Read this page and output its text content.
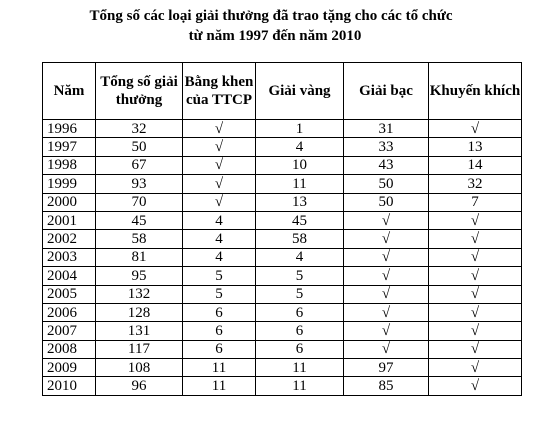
Tổng số các loại giải thưởng đã trao tặng cho các tổ chức
từ năm 1997 đến năm 2010
Năm	Tổng số giải thưởng	Bằng khen của TTCP	Giải vàng	Giải bạc	Khuyến khích
1996	32	√	1	31	√
1997	50	√	4	33	13
1998	67	√	10	43	14
1999	93	√	11	50	32
2000	70	√	13	50	7
2001	45	4	45	√	√
2002	58	4	58	√	√
2003	81	4	4	√	√
2004	95	5	5	√	√
2005	132	5	5	√	√
2006	128	6	6	√	√
2007	131	6	6	√	√
2008	117	6	6	√	√
2009	108	11	11	97	√
2010	96	11	11	85	√
